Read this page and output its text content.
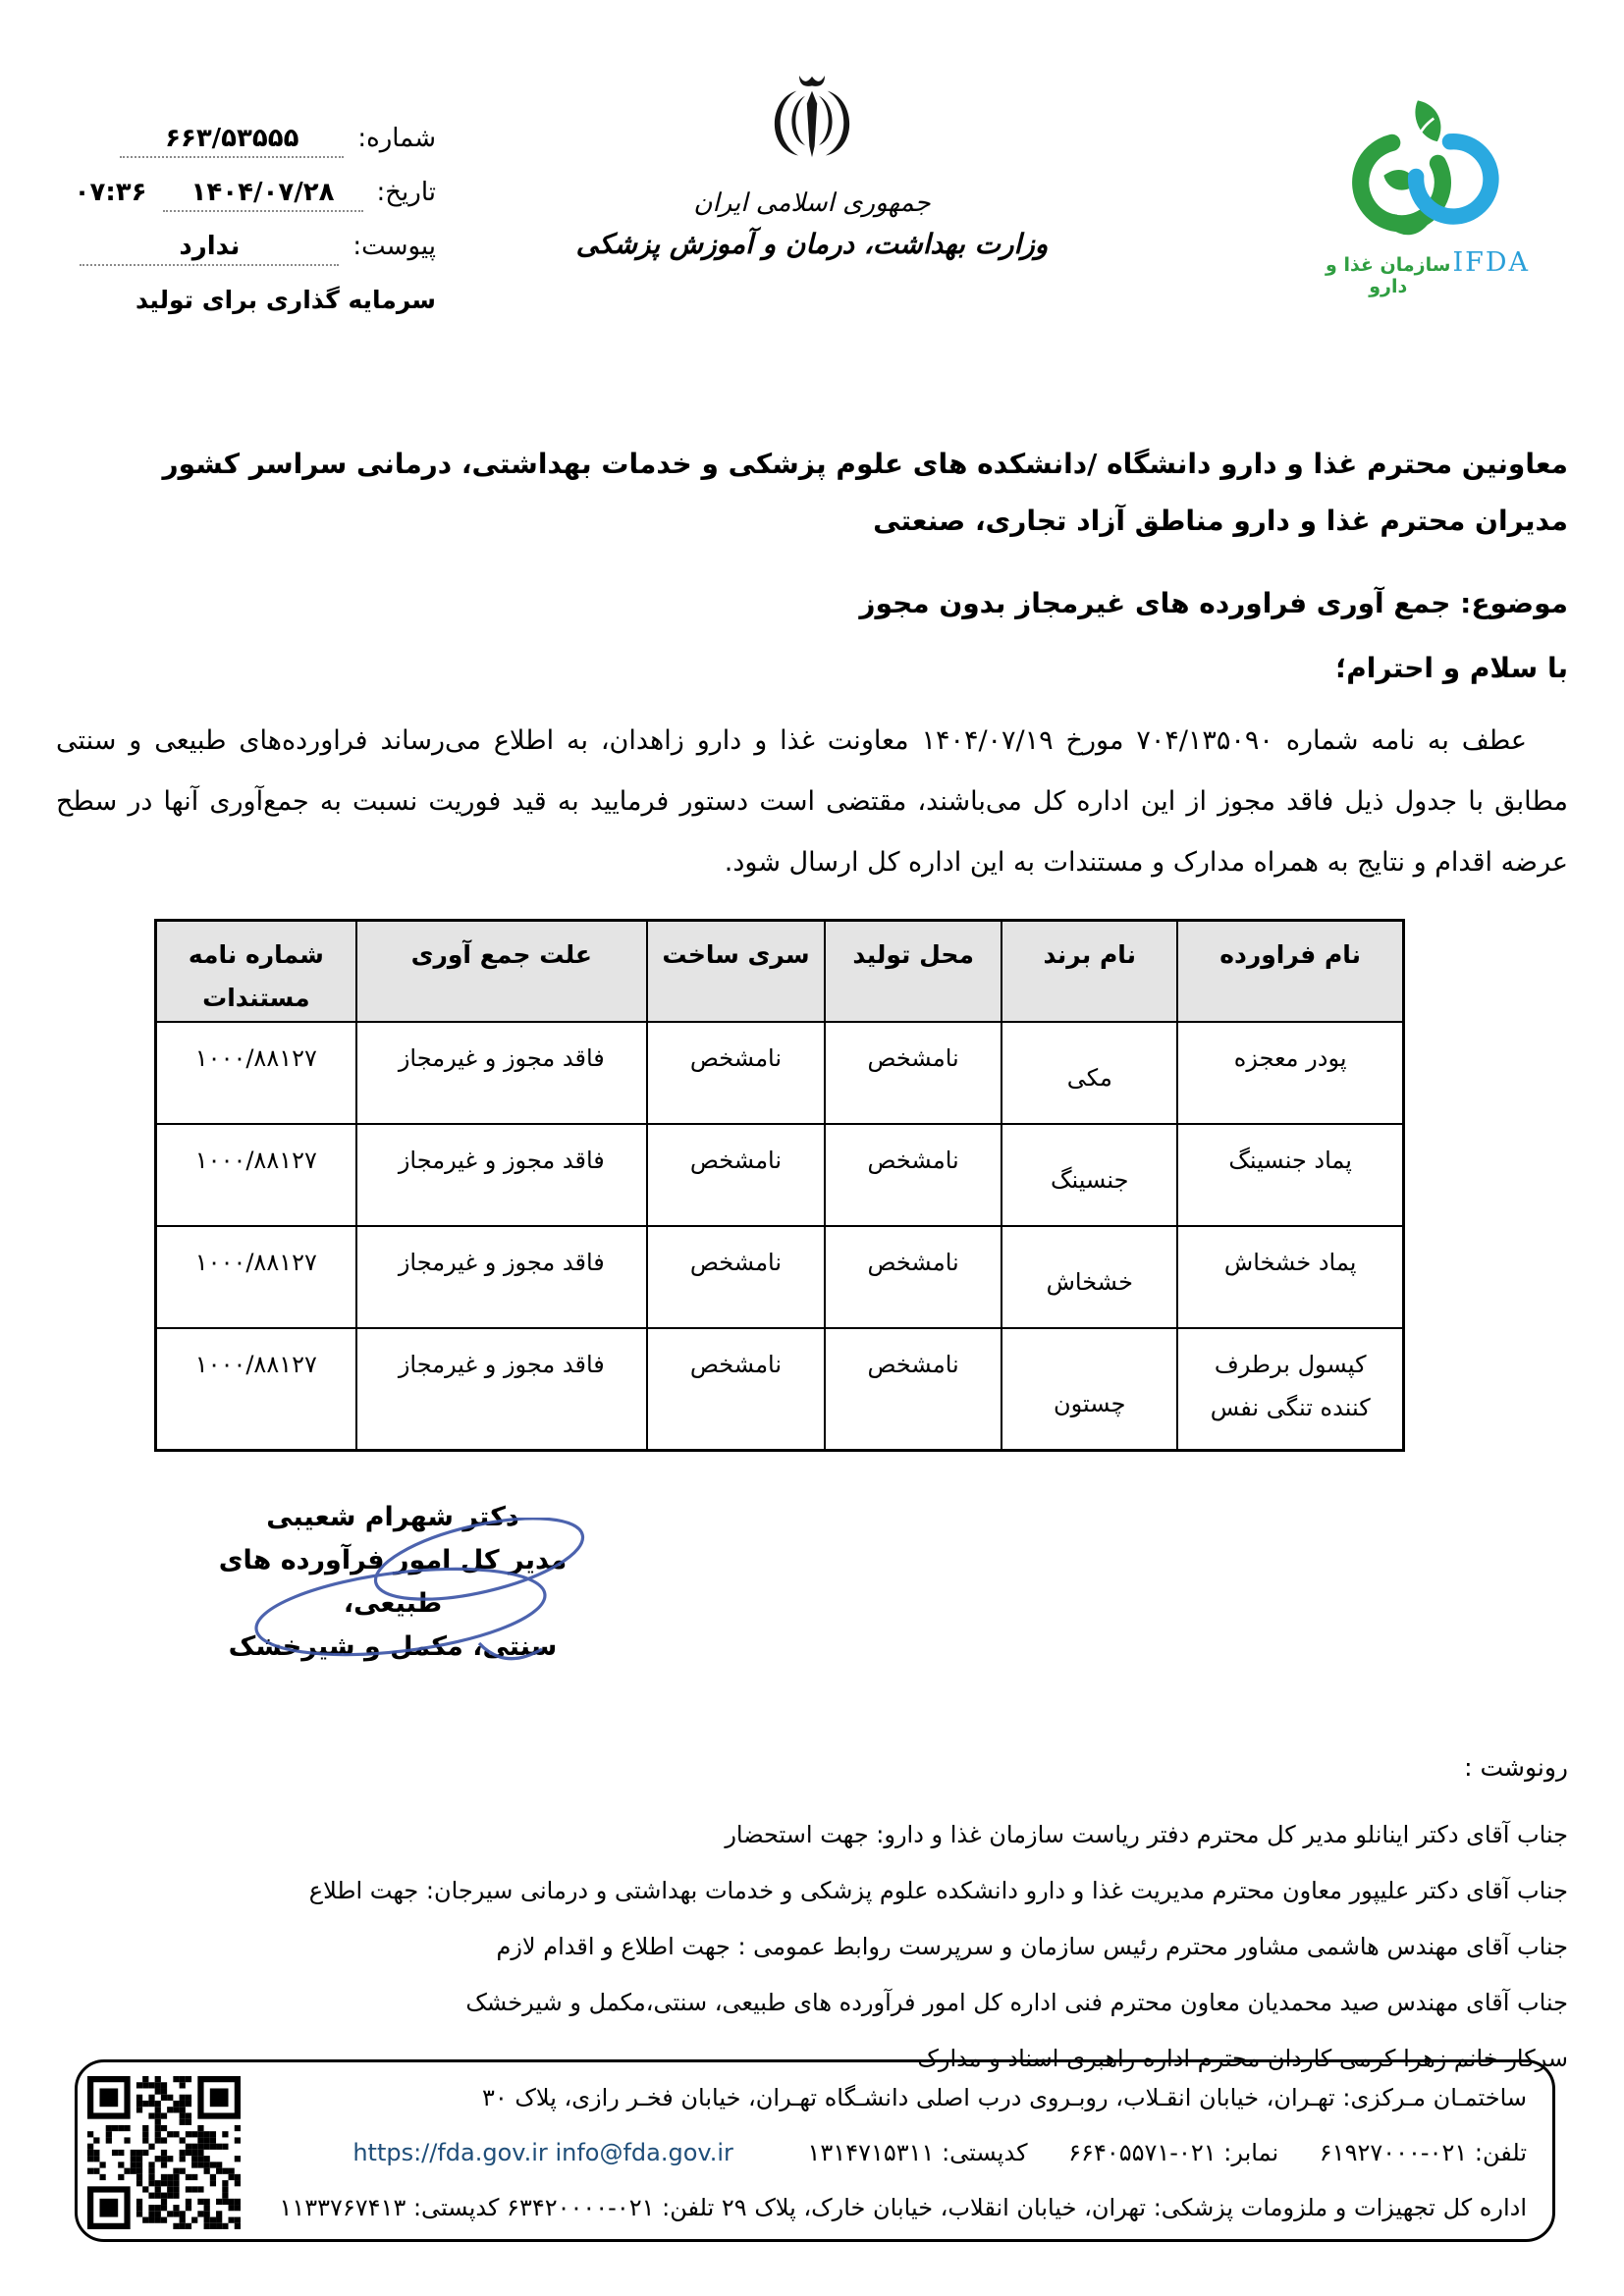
شماره:
۶۶۳/۵۳۵۵۵
تاریخ:
۱۴۰۴/۰۷/۲۸
۰۷:۳۶
پیوست:
ندارد
سرمایه گذاری برای تولید
جمهوری اسلامی ایران
وزارت بهداشت، درمان و آموزش پزشکی
IFDA
سازمان غذا و دارو
معاونین محترم غذا و دارو دانشگاه /دانشکده های علوم پزشکی و خدمات بهداشتی، درمانی سراسر کشور
مدیران محترم غذا و دارو مناطق آزاد تجاری، صنعتی
موضوع: جمع آوری فراورده های غیرمجاز بدون مجوز
با سلام و احترام؛
عطف به نامه شماره ۷۰۴/۱۳۵۰۹۰ مورخ ۱۴۰۴/۰۷/۱۹ معاونت غذا و دارو زاهدان، به اطلاع می‌رساند فراورده‌های طبیعی و سنتی مطابق با جدول ذیل فاقد مجوز از این اداره کل می‌باشند، مقتضی است دستور فرمایید به قید فوریت نسبت به جمع‌آوری آنها در سطح عرضه اقدام و نتایج به همراه مدارک و مستندات به این اداره کل ارسال شود.
نام فراورده	نام برند	محل تولید	سری ساخت	علت جمع آوری	شماره نامه مستندات
پودر معجزه	مکی	نامشخص	نامشخص	فاقد مجوز و غیرمجاز	۱۰۰۰/۸۸۱۲۷
پماد جنسینگ	جنسینگ	نامشخص	نامشخص	فاقد مجوز و غیرمجاز	۱۰۰۰/۸۸۱۲۷
پماد خشخاش	خشخاش	نامشخص	نامشخص	فاقد مجوز و غیرمجاز	۱۰۰۰/۸۸۱۲۷
کپسول برطرف کننده تنگی نفس	چستون	نامشخص	نامشخص	فاقد مجوز و غیرمجاز	۱۰۰۰/۸۸۱۲۷
دکتر شهرام شعیبی
مدیر کل امور فرآورده های طبیعی،
سنتی، مکمل و شیرخشک
رونوشت :
جناب آقای دکتر اینانلو مدیر کل محترم دفتر ریاست سازمان غذا و دارو: جهت استحضار
جناب آقای دکتر علیپور معاون محترم مدیریت غذا و دارو دانشکده علوم پزشکی و خدمات بهداشتی و درمانی سیرجان: جهت اطلاع
جناب آقای مهندس هاشمی مشاور محترم رئیس سازمان و سرپرست روابط عمومی : جهت اطلاع و اقدام لازم
جناب آقای مهندس صید محمدیان معاون محترم فنی اداره کل امور فرآورده های طبیعی، سنتی،مکمل و شیرخشک
سرکار خانم زهرا کرمی کاردان محترم اداره راهبری اسناد و مدارک
ساختمـان مـرکزی: تهـران، خیابان انقـلاب، روبـروی درب اصلی دانشـگاه تهـران، خیابان فخـر رازی، پلاک ۳۰
تلفن: ۰۲۱-۶۱۹۲۷۰۰۰ نمابر: ۰۲۱-۶۶۴۰۵۵۷۱ کدپستی: ۱۳۱۴۷۱۵۳۱۱ info@fda.gov.ir https://fda.gov.ir
اداره کل تجهیزات و ملزومات پزشکی: تهران، خیابان انقلاب، خیابان خارک، پلاک ۲۹ تلفن: ۰۲۱-۶۳۴۲۰۰۰۰ کدپستی: ۱۱۳۳۷۶۷۴۱۳
